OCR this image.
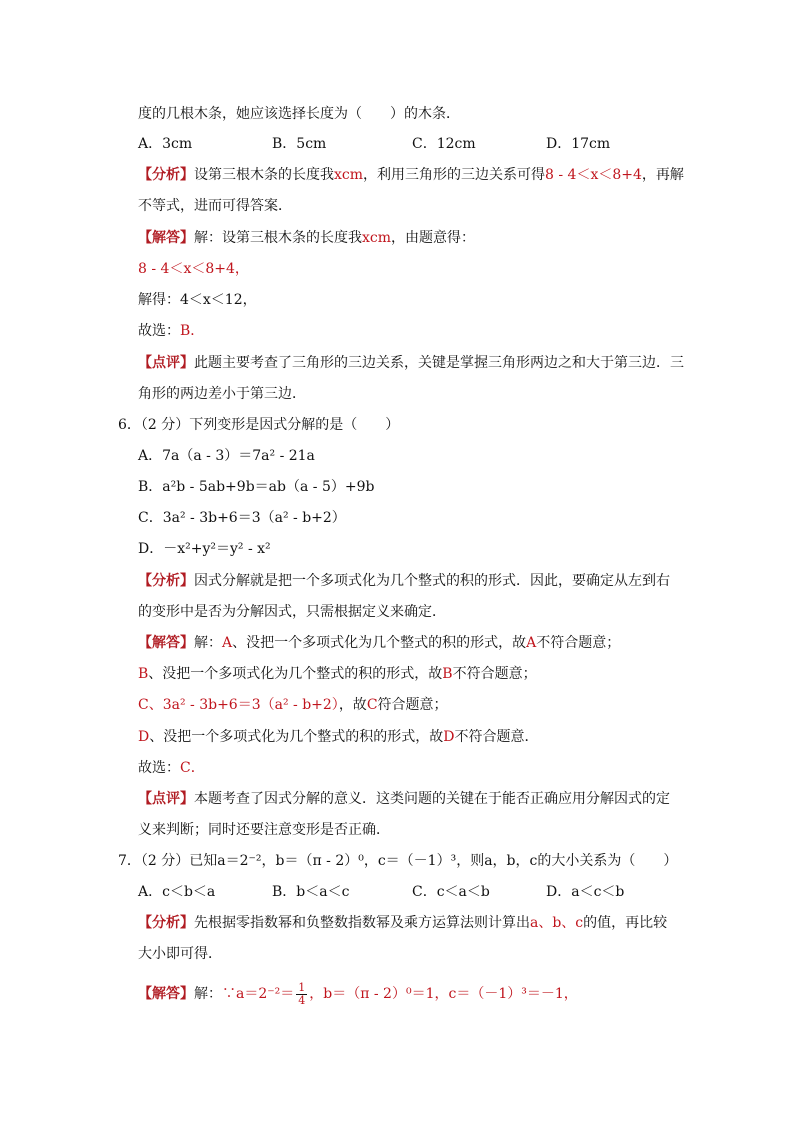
度的几根木条，她应该选择长度为（　　）的木条．
A．3cm	B．5cm	C．12cm	D．17cm
【分析】设第三根木条的长度我xcm，利用三角形的三边关系可得8 - 4＜x＜8+4，再解
不等式，进而可得答案．
【解答】解：设第三根木条的长度我xcm，由题意得：
8 - 4＜x＜8+4，
解得：4＜x＜12，
故选：B．
【点评】此题主要考查了三角形的三边关系，关键是掌握三角形两边之和大于第三边．三
角形的两边差小于第三边．
6．（2 分）下列变形是因式分解的是（　　）
A．7a（a - 3）＝7a² - 21a
B．a²b - 5ab+9b＝ab（a - 5）+9b
C．3a² - 3b+6＝3（a² - b+2）
D．－x²+y²＝y² - x²
【分析】因式分解就是把一个多项式化为几个整式的积的形式．因此，要确定从左到右
的变形中是否为分解因式，只需根据定义来确定．
【解答】解：A、没把一个多项式化为几个整式的积的形式，故A不符合题意；
B、没把一个多项式化为几个整式的积的形式，故B不符合题意；
C、3a² - 3b+6＝3（a² - b+2），故C符合题意；
D、没把一个多项式化为几个整式的积的形式，故D不符合题意．
故选：C．
【点评】本题考查了因式分解的意义．这类问题的关键在于能否正确应用分解因式的定
义来判断；同时还要注意变形是否正确．
7．（2 分）已知a＝2⁻²，b＝（π - 2）⁰，c＝（－1）³，则a，b，c的大小关系为（　　）
A．c＜b＜a	B．b＜a＜c	C．c＜a＜b	D．a＜c＜b
【分析】先根据零指数幂和负整数指数幂及乘方运算法则计算出a、b、c的值，再比较
大小即可得．
【解答】解：∵a＝2⁻²＝ $\frac{1}{4}$ ，b＝（π - 2）⁰＝1，c＝（－1）³＝－1，
